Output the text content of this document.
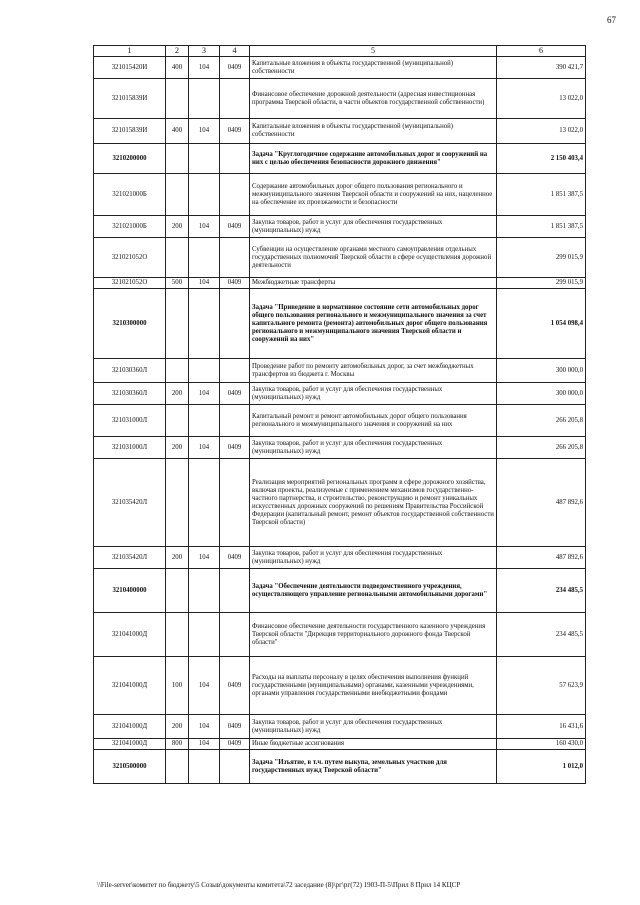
67
1	2	3	4	5	6
321015420И	400	104	0409	Капитальные вложения в объекты государственной (муниципальной) собственности	390 421,7
321015839И				Финансовое обеспечение дорожной деятельности (адресная инвестиционная программа Тверской области, в части объектов государственной собственности)	13 022,0
321015839И	400	104	0409	Капитальные вложения в объекты государственной (муниципальной) собственности	13 022,0
3210200000				Задача "Круглогодичное содержание автомобильных дорог и сооружений на них с целью обеспечения безопасности дорожного движения"	2 150 403,4
321021000Б				Содержание автомобильных дорог общего пользования регионального и межмуниципального значения Тверской области и сооружений на них, нацеленное на обеспечение их проезжаемости и безопасности	1 851 387,5
321021000Б	200	104	0409	Закупка товаров, работ и услуг для обеспечения государственных (муниципальных) нужд	1 851 387,5
321021052О				Субвенции на осуществление органами местного самоуправления отдельных государственных полномочий Тверской области в сфере осуществления дорожной деятельности	299 015,9
321021052О	500	104	0409	Межбюджетные трансферты	299 015,9
3210300000				Задача "Приведение в нормативное состояние сети автомобильных дорог общего пользования регионального и межмуниципального значения за счет капитального ремонта (ремонта) автомобильных дорог общего пользования регионального и межмуниципального значения Тверской области и сооружений на них"	1 054 098,4
321030360Л				Проведение работ по ремонту автомобильных дорог, за счет межбюджетных трансфертов из бюджета г. Москвы	300 000,0
321030360Л	200	104	0409	Закупка товаров, работ и услуг для обеспечения государственных (муниципальных) нужд	300 000,0
321031000Л				Капитальный ремонт и ремонт автомобильных дорог общего пользования регионального и межмуниципального значения и сооружений на них	266 205,8
321031000Л	200	104	0409	Закупка товаров, работ и услуг для обеспечения государственных (муниципальных) нужд	266 205,8
321035420Л				Реализация мероприятий региональных программ в сфере дорожного хозяйства, включая проекты, реализуемые с применением механизмов государственно-частного партнерства, и строительство, реконструкцию и ремонт уникальных искусственных дорожных сооружений по решениям Правительства Российской Федерации (капитальный ремонт, ремонт объектов государственной собственности Тверской области)	487 892,6
321035420Л	200	104	0409	Закупка товаров, работ и услуг для обеспечения государственных (муниципальных) нужд	487 892,6
3210400000				Задача "Обеспечение деятельности подведомственного учреждения, осуществляющего управление региональными автомобильными дорогами"	234 485,5
321041000Д				Финансовое обеспечение деятельности государственного казенного учреждения Тверской области "Дирекция территориального дорожного фонда Тверской области"	234 485,5
321041000Д	100	104	0409	Расходы на выплаты персоналу в целях обеспечения выполнения функций государственными (муниципальными) органами, казенными учреждениями, органами управления государственными внебюджетными фондами	57 623,9
321041000Д	200	104	0409	Закупка товаров, работ и услуг для обеспечения государственных (муниципальных) нужд	16 431,6
321041000Д	800	104	0409	Иные бюджетные ассигнования	160 430,0
3210500000				Задача "Изъятие, в т.ч. путем выкупа, земельных участков для государственных нужд Тверской области"	1 012,0
\\File-server\комитет по бюджету\5 Созыв\документы комитета\72 заседание (8)\рг\рг(72) 1903-П-5\Прил 8 Прил 14 КЦСР
